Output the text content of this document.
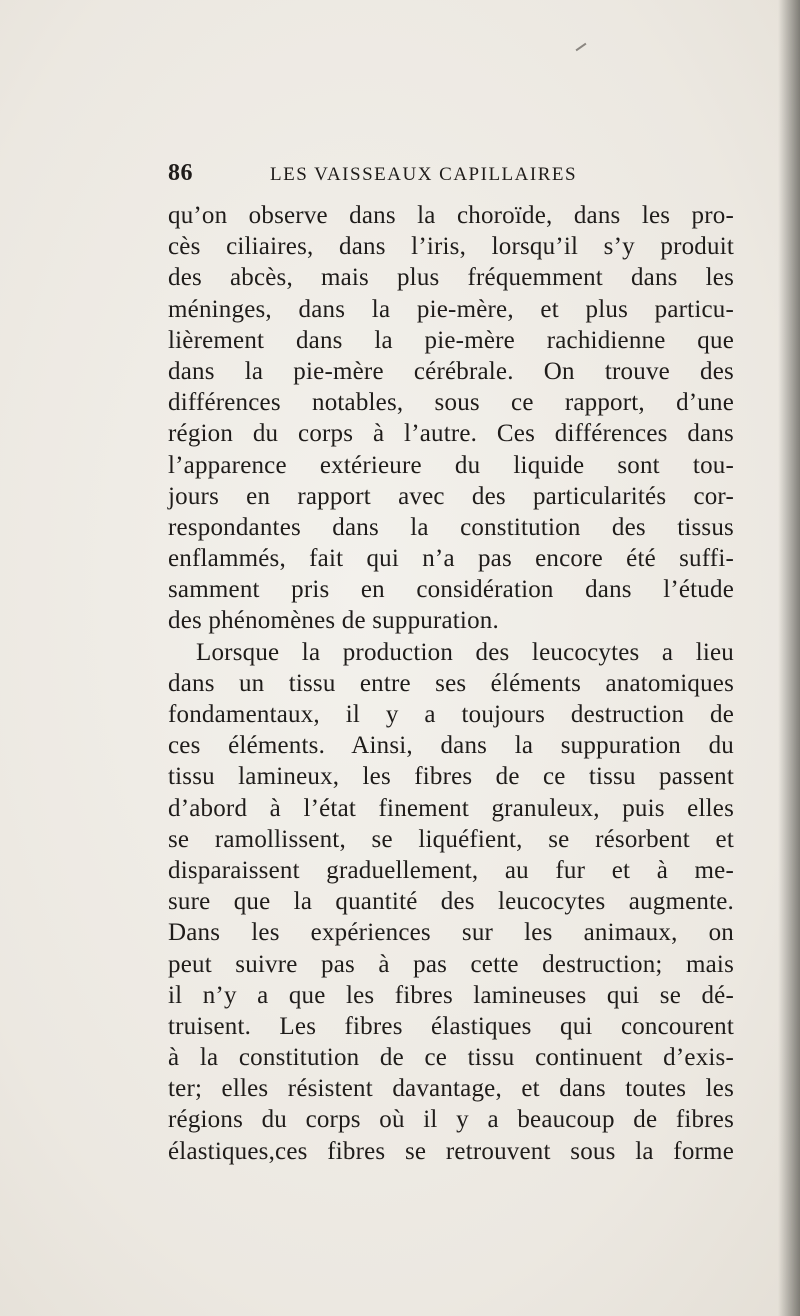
86	LES VAISSEAUX CAPILLAIRES
qu’on observe dans la choroïde, dans les pro-
cès ciliaires, dans l’iris, lorsqu’il s’y produit
des abcès, mais plus fréquemment dans les
méninges, dans la pie-mère, et plus particu-
lièrement dans la pie-mère rachidienne que
dans la pie-mère cérébrale. On trouve des
différences notables, sous ce rapport, d’une
région du corps à l’autre. Ces différences dans
l’apparence extérieure du liquide sont tou-
jours en rapport avec des particularités cor-
respondantes dans la constitution des tissus
enflammés, fait qui n’a pas encore été suffi-
samment pris en considération dans l’étude
des phénomènes de suppuration.
Lorsque la production des leucocytes a lieu
dans un tissu entre ses éléments anatomiques
fondamentaux, il y a toujours destruction de
ces éléments. Ainsi, dans la suppuration du
tissu lamineux, les fibres de ce tissu passent
d’abord à l’état finement granuleux, puis elles
se ramollissent, se liquéfient, se résorbent et
disparaissent graduellement, au fur et à me-
sure que la quantité des leucocytes augmente.
Dans les expériences sur les animaux, on
peut suivre pas à pas cette destruction; mais
il n’y a que les fibres lamineuses qui se dé-
truisent. Les fibres élastiques qui concourent
à la constitution de ce tissu continuent d’exis-
ter; elles résistent davantage, et dans toutes les
régions du corps où il y a beaucoup de fibres
élastiques,ces fibres se retrouvent sous la forme
